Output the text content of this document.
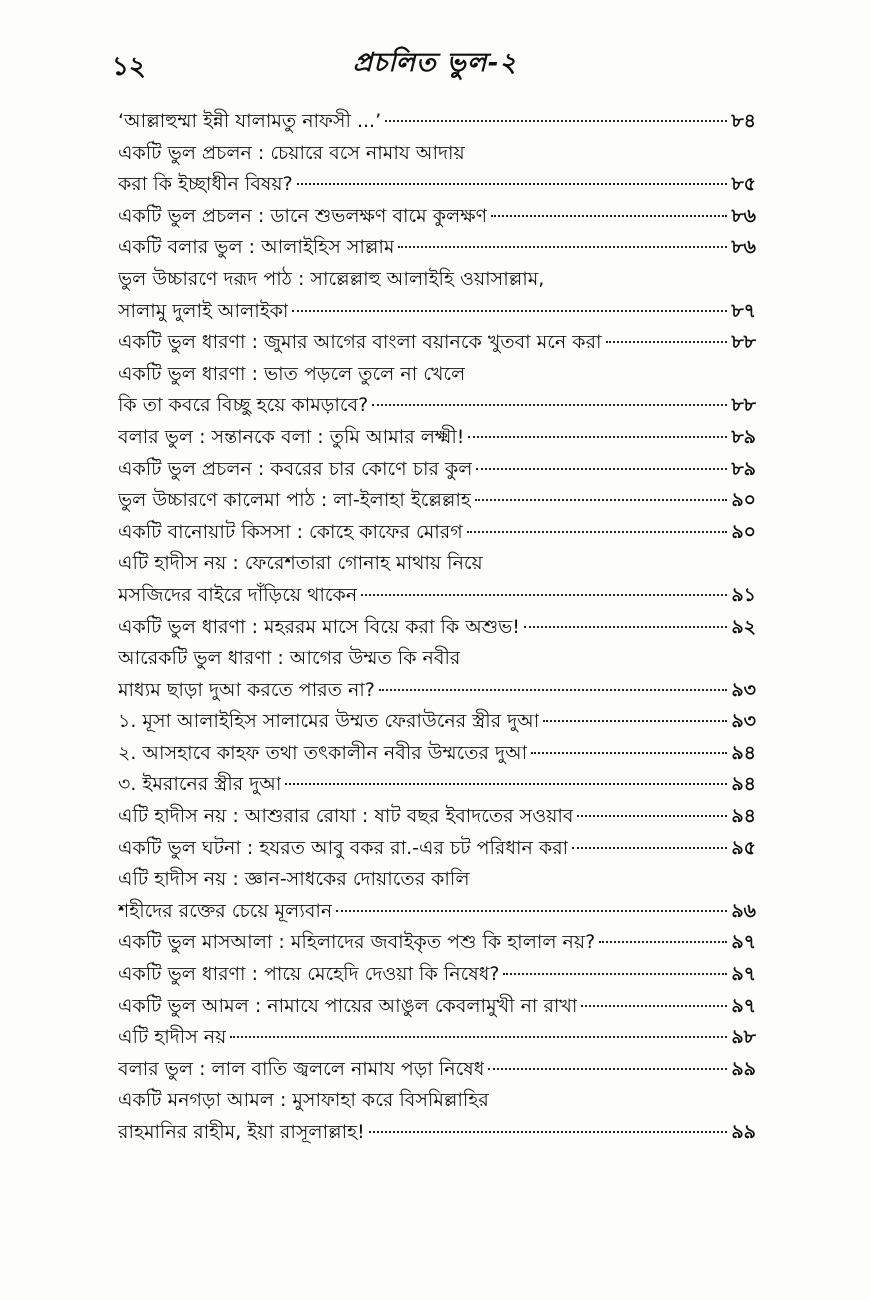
১২	প্রচলিত ভুল-২
‘আল্লাহুম্মা ইন্নী যালামতু নাফসী ...’	৮৪
একটি ভুল প্রচলন : চেয়ারে বসে নামায আদায়
করা কি ইচ্ছাধীন বিষয়?	৮৫
একটি ভুল প্রচলন : ডানে শুভলক্ষণ বামে কুলক্ষণ	৮৬
একটি বলার ভুল : আলাইহিস সাল্লাম	৮৬
ভুল উচ্চারণে দরূদ পাঠ : সাল্লেল্লাহু আলাইহি ওয়াসাল্লাম,
সালামু দুলাই আলাইকা	৮৭
একটি ভুল ধারণা : জুমার আগের বাংলা বয়ানকে খুতবা মনে করা	৮৮
একটি ভুল ধারণা : ভাত পড়লে তুলে না খেলে
কি তা কবরে বিচ্ছু হয়ে কামড়াবে?	৮৮
বলার ভুল : সন্তানকে বলা : তুমি আমার লক্ষ্মী!	৮৯
একটি ভুল প্রচলন : কবরের চার কোণে চার কুল	৮৯
ভুল উচ্চারণে কালেমা পাঠ : লা-ইলাহা ইল্লেল্লাহ	৯০
একটি বানোয়াট কিসসা : কোহে কাফের মোরগ	৯০
এটি হাদীস নয় : ফেরেশতারা গোনাহ মাথায় নিয়ে
মসজিদের বাইরে দাঁড়িয়ে থাকেন	৯১
একটি ভুল ধারণা : মহররম মাসে বিয়ে করা কি অশুভ!	৯২
আরেকটি ভুল ধারণা : আগের উম্মত কি নবীর
মাধ্যম ছাড়া দুআ করতে পারত না?	৯৩
১. মূসা আলাইহিস সালামের উম্মত ফেরাউনের স্ত্রীর দুআ	৯৩
২. আসহাবে কাহফ তথা তৎকালীন নবীর উম্মতের দুআ	৯৪
৩. ইমরানের স্ত্রীর দুআ	৯৪
এটি হাদীস নয় : আশুরার রোযা : ষাট বছর ইবাদতের সওয়াব	৯৪
একটি ভুল ঘটনা : হযরত আবু বকর রা.-এর চট পরিধান করা	৯৫
এটি হাদীস নয় : জ্ঞান-সাধকের দোয়াতের কালি
শহীদের রক্তের চেয়ে মূল্যবান	৯৬
একটি ভুল মাসআলা : মহিলাদের জবাইকৃত পশু কি হালাল নয়?	৯৭
একটি ভুল ধারণা : পায়ে মেহেদি দেওয়া কি নিষেধ?	৯৭
একটি ভুল আমল : নামাযে পায়ের আঙুল কেবলামুখী না রাখা	৯৭
এটি হাদীস নয়	৯৮
বলার ভুল : লাল বাতি জ্বললে নামায পড়া নিষেধ	৯৯
একটি মনগড়া আমল : মুসাফাহা করে বিসমিল্লাহির
রাহমানির রাহীম, ইয়া রাসূলাল্লাহ!	৯৯
